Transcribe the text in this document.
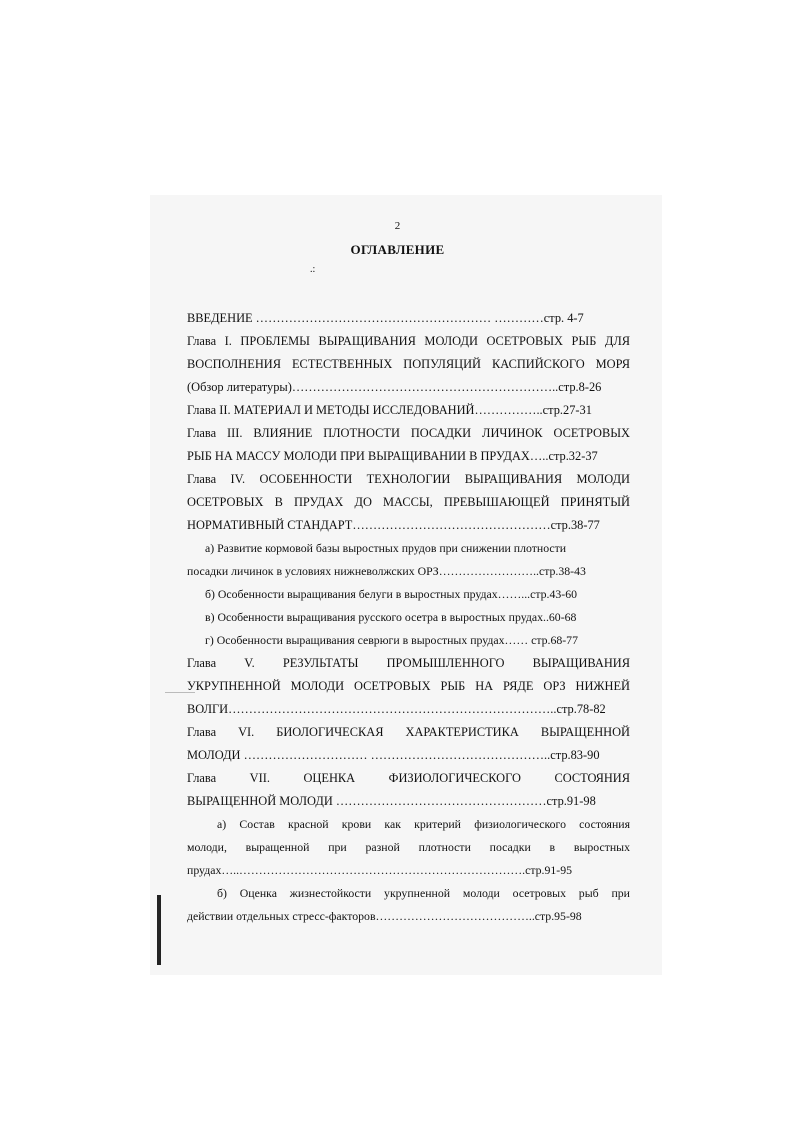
2
ОГЛАВЛЕНИЕ
.:
ВВЕДЕНИЕ ………………………………………………… …………стр. 4-7
Глава I. ПРОБЛЕМЫ ВЫРАЩИВАНИЯ МОЛОДИ ОСЕТРОВЫХ РЫБ ДЛЯ
ВОСПОЛНЕНИЯ ЕСТЕСТВЕННЫХ ПОПУЛЯЦИЙ КАСПИЙСКОГО МОРЯ
(Обзор литературы)………………………………………………………..стр.8-26
Глава II. МАТЕРИАЛ И МЕТОДЫ ИССЛЕДОВАНИЙ……………..стр.27-31
Глава III. ВЛИЯНИЕ ПЛОТНОСТИ ПОСАДКИ ЛИЧИНОК ОСЕТРОВЫХ
РЫБ НА МАССУ МОЛОДИ ПРИ ВЫРАЩИВАНИИ В ПРУДАХ…..стр.32-37
Глава IV. ОСОБЕННОСТИ ТЕХНОЛОГИИ ВЫРАЩИВАНИЯ МОЛОДИ
ОСЕТРОВЫХ В ПРУДАХ ДО МАССЫ, ПРЕВЫШАЮЩЕЙ ПРИНЯТЫЙ
НОРМАТИВНЫЙ СТАНДАРТ…………………………………………стр.38-77
а) Развитие кормовой базы выростных прудов при снижении плотности
посадки личинок в условиях нижневолжских ОРЗ……………………..стр.38-43
б) Особенности выращивания белуги в выростных прудах……...стр.43-60
в) Особенности выращивания русского осетра в выростных прудах..60-68
г) Особенности выращивания севрюги в выростных прудах…… стр.68-77
Глава V. РЕЗУЛЬТАТЫ ПРОМЫШЛЕННОГО ВЫРАЩИВАНИЯ
УКРУПНЕННОЙ МОЛОДИ ОСЕТРОВЫХ РЫБ НА РЯДЕ ОРЗ НИЖНЕЙ
ВОЛГИ……………………………………………………………………..стр.78-82
Глава VI. БИОЛОГИЧЕСКАЯ ХАРАКТЕРИСТИКА ВЫРАЩЕННОЙ
МОЛОДИ ………………………… ……………………………………..стр.83-90
Глава VII. ОЦЕНКА ФИЗИОЛОГИЧЕСКОГО СОСТОЯНИЯ
ВЫРАЩЕННОЙ МОЛОДИ ……………………………………………стр.91-98
а) Состав красной крови как критерий физиологического состояния
молоди, выращенной при разной плотности посадки в выростных
прудах…..……………………………………………………………….стр.91-95
б) Оценка жизнестойкости укрупненной молоди осетровых рыб при
действии отдельных стресс-факторов…………………………………..стр.95-98
